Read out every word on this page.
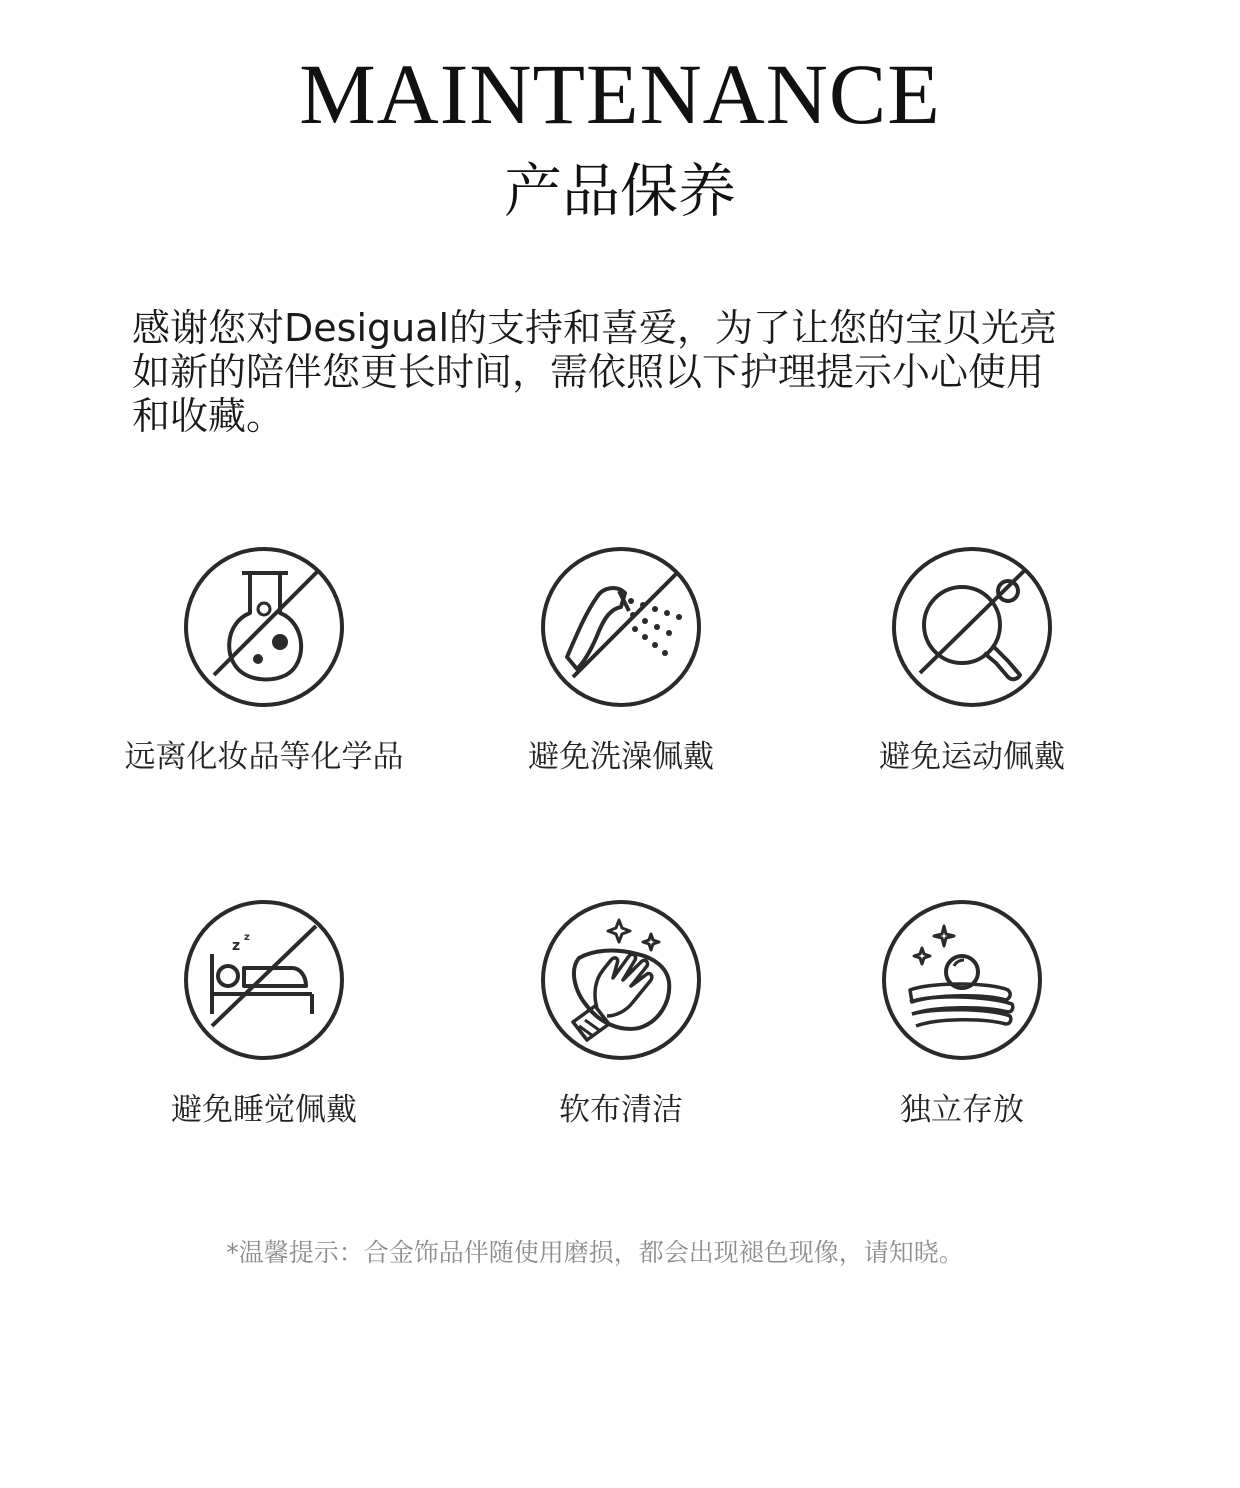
MAINTENANCE
产品保养

感谢您对Desigual的支持和喜爱，为了让您的宝贝光亮如新的陪伴您更长时间，需依照以下护理提示小心使用和收藏。

远离化妆品等化学品	避免洗澡佩戴	避免运动佩戴
z
z
避免睡觉佩戴	软布清洁	独立存放
*温馨提示：合金饰品伴随使用磨损，都会出现褪色现像，请知晓。
